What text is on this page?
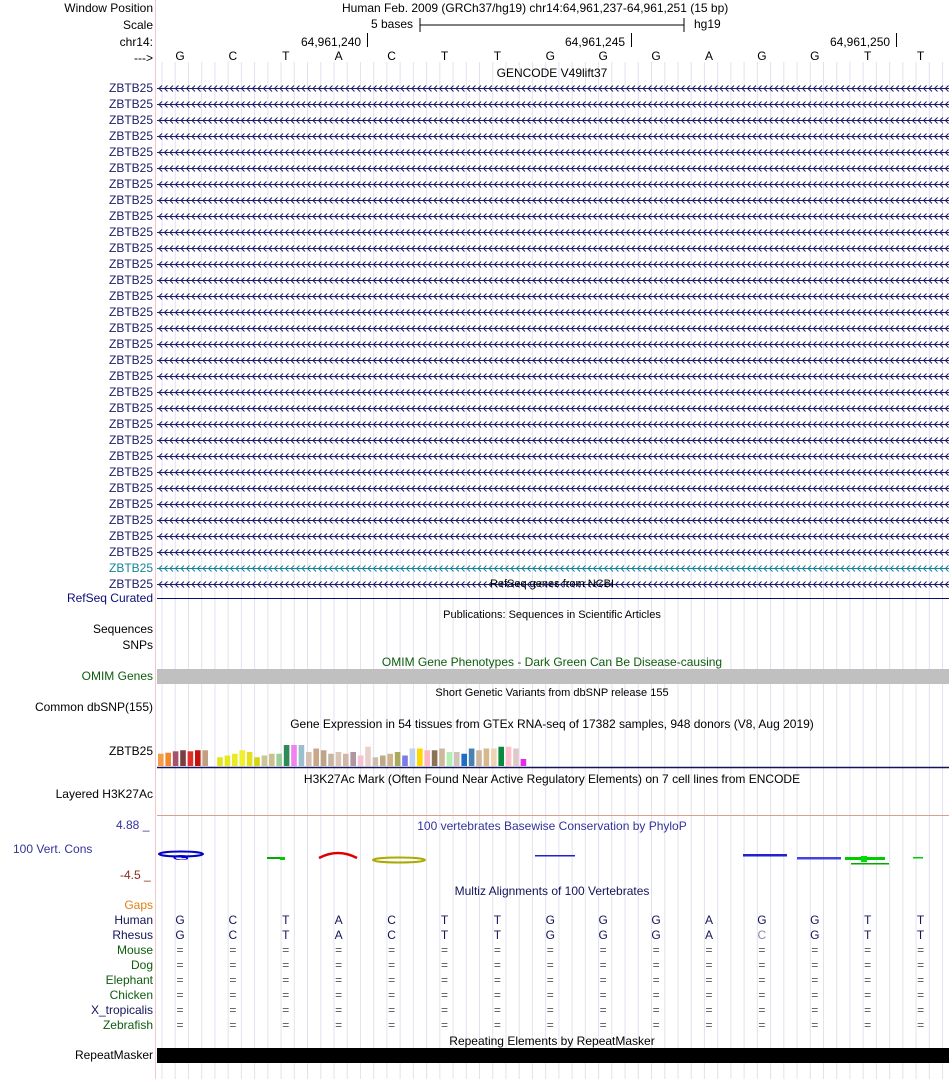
Window Position
Scale
chr14:
--->
Human Feb. 2009 (GRCh37/hg19) chr14:64,961,237-64,961,251 (15 bp)
5 bases	hg19
64,961,240	64,961,245	64,961,250
G	C	T	A	C	T	T	G	G	G	A	G	G	T	T
GENCODE V49lift37
ZBTB25
ZBTB25
ZBTB25
ZBTB25
ZBTB25
ZBTB25
ZBTB25
ZBTB25
ZBTB25
ZBTB25
ZBTB25
ZBTB25
ZBTB25
ZBTB25
ZBTB25
ZBTB25
ZBTB25
ZBTB25
ZBTB25
ZBTB25
ZBTB25
ZBTB25
ZBTB25
ZBTB25
ZBTB25
ZBTB25
ZBTB25
ZBTB25
ZBTB25
ZBTB25
ZBTB25
ZBTB25	RefSeq genes from NCBI
RefSeq Curated
Publications: Sequences in Scientific Articles
Sequences
SNPs
OMIM Gene Phenotypes - Dark Green Can Be Disease-causing
OMIM Genes
Short Genetic Variants from dbSNP release 155
Common dbSNP(155)
Gene Expression in 54 tissues from GTEx RNA-seq of 17382 samples, 948 donors (V8, Aug 2019)
ZBTB25
H3K27Ac Mark (Often Found Near Active Regulatory Elements) on 7 cell lines from ENCODE
Layered H3K27Ac
4.88 _	100 vertebrates Basewise Conservation by PhyloP
100 Vert. Cons
-4.5 _
G
Multiz Alignments of 100 Vertebrates
Gaps
Human G	C	T	A	C	T	T	G	G	G	A	G	G	T	T
Rhesus G	C	T	A	C	T	T	G	G	G	A	C	G	T	T
Mouse =	=	=	=	=	=	=	=	=	=	=	=	=	=	=
Dog =	=	=	=	=	=	=	=	=	=	=	=	=	=	=
Elephant =	=	=	=	=	=	=	=	=	=	=	=	=	=	=
Chicken =	=	=	=	=	=	=	=	=	=	=	=	=	=	=
X_tropicalis =	=	=	=	=	=	=	=	=	=	=	=	=	=	=
Zebrafish =	=	=	=	=	=	=	=	=	=	=	=	=	=	=
Repeating Elements by RepeatMasker
RepeatMasker
